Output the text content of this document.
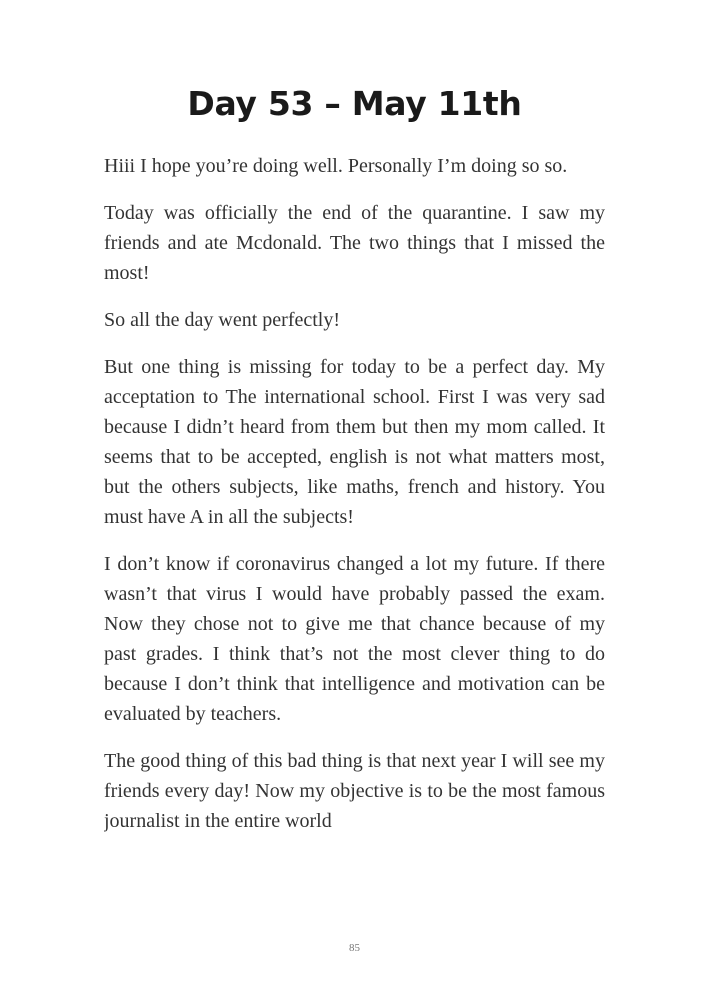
Day 53 – May 11th

Hiii I hope you’re doing well. Personally I’m doing so so.

Today was officially the end of the quarantine. I saw my friends and ate Mcdonald. The two things that I missed the most!

So all the day went perfectly!

But one thing is missing for today to be a perfect day. My acceptation to The international school. First I was very sad because I didn’t heard from them but then my mom called. It seems that to be accepted, english is not what matters most, but the others subjects, like maths, french and history. You must have A in all the subjects!

I don’t know if coronavirus changed a lot my future. If there wasn’t that virus I would have probably passed the exam. Now they chose not to give me that chance because of my past grades. I think that’s not the most clever thing to do because I don’t think that intelligence and motivation can be evaluated by teachers.

The good thing of this bad thing is that next year I will see my friends every day! Now my objective is to be the most famous journalist in the entire world

85
